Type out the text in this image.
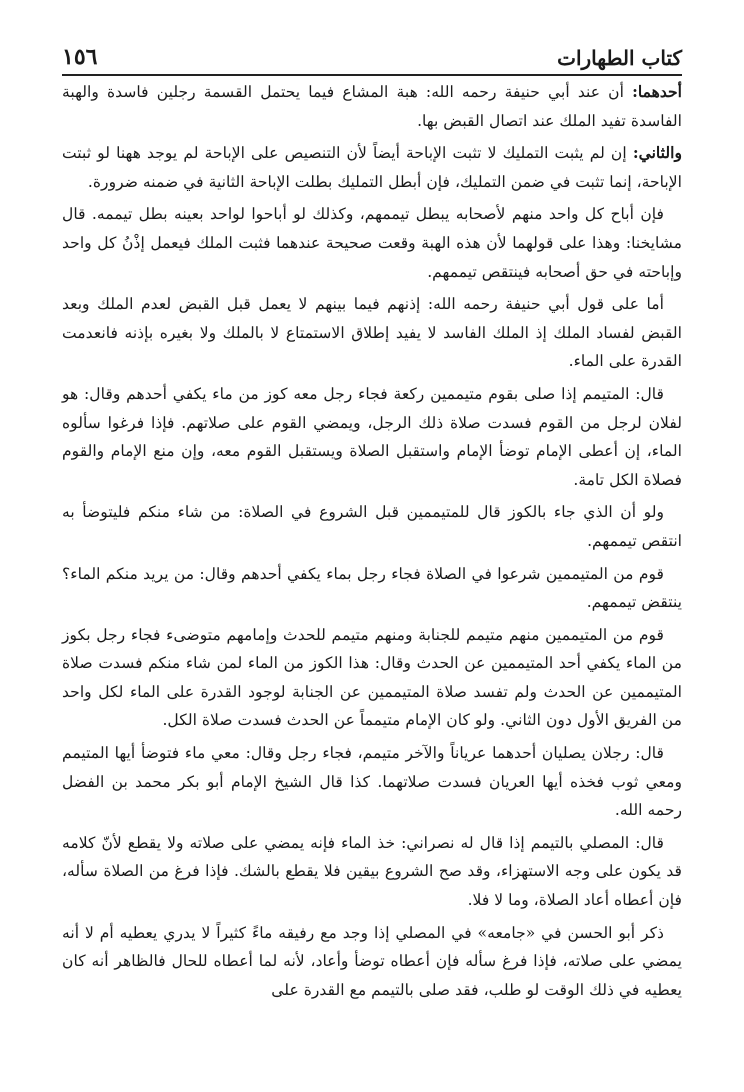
كتاب الطهارات
١٥٦

أحدهما: أن عند أبي حنيفة رحمه الله: هبة المشاع فيما يحتمل القسمة رجلين فاسدة والهبة الفاسدة تفيد الملك عند اتصال القبض بها.

والثاني: إن لم يثبت التمليك لا تثبت الإباحة أيضاً لأن التنصيص على الإباحة لم يوجد ههنا لو ثبتت الإباحة، إنما تثبت في ضمن التمليك، فإن أبطل التمليك بطلت الإباحة الثانية في ضمنه ضرورة.

فإن أباح كل واحد منهم لأصحابه يبطل تيممهم، وكذلك لو أباحوا لواحد بعينه بطل تيممه. قال مشايخنا: وهذا على قولهما لأن هذه الهبة وقعت صحيحة عندهما فثبت الملك فيعمل إذْنُ كل واحد وإباحته في حق أصحابه فينتقص تيممهم.

أما على قول أبي حنيفة رحمه الله: إذنهم فيما بينهم لا يعمل قبل القبض لعدم الملك وبعد القبض لفساد الملك إذ الملك الفاسد لا يفيد إطلاق الاستمتاع لا بالملك ولا بغيره بإذنه فانعدمت القدرة على الماء.

قال: المتيمم إذا صلى بقوم متيممين ركعة فجاء رجل معه كوز من ماء يكفي أحدهم وقال: هو لفلان لرجل من القوم فسدت صلاة ذلك الرجل، ويمضي القوم على صلاتهم. فإذا فرغوا سألوه الماء، إن أعطى الإمام توضأ الإمام واستقبل الصلاة ويستقبل القوم معه، وإن منع الإمام والقوم فصلاة الكل تامة.

ولو أن الذي جاء بالكوز قال للمتيممين قبل الشروع في الصلاة: من شاء منكم فليتوضأ به انتقص تيممهم.

قوم من المتيممين شرعوا في الصلاة فجاء رجل بماء يكفي أحدهم وقال: من يريد منكم الماء؟ ينتقض تيممهم.

قوم من المتيممين منهم متيمم للجنابة ومنهم متيمم للحدث وإمامهم متوضىء فجاء رجل بكوز من الماء يكفي أحد المتيممين عن الحدث وقال: هذا الكوز من الماء لمن شاء منكم فسدت صلاة المتيممين عن الحدث ولم تفسد صلاة المتيممين عن الجنابة لوجود القدرة على الماء لكل واحد من الفريق الأول دون الثاني. ولو كان الإمام متيمماً عن الحدث فسدت صلاة الكل.

قال: رجلان يصليان أحدهما عرياناً والآخر متيمم، فجاء رجل وقال: معي ماء فتوضأ أيها المتيمم ومعي ثوب فخذه أيها العريان فسدت صلاتهما. كذا قال الشيخ الإمام أبو بكر محمد بن الفضل رحمه الله.

قال: المصلي بالتيمم إذا قال له نصراني: خذ الماء فإنه يمضي على صلاته ولا يقطع لأنّ كلامه قد يكون على وجه الاستهزاء، وقد صح الشروع بيقين فلا يقطع بالشك. فإذا فرغ من الصلاة سأله، فإن أعطاه أعاد الصلاة، وما لا فلا.

ذكر أبو الحسن في «جامعه» في المصلي إذا وجد مع رفيقه ماءً كثيراً لا يدري يعطيه أم لا أنه يمضي على صلاته، فإذا فرغ سأله فإن أعطاه توضأ وأعاد، لأنه لما أعطاه للحال فالظاهر أنه كان يعطيه في ذلك الوقت لو طلب، فقد صلى بالتيمم مع القدرة على
